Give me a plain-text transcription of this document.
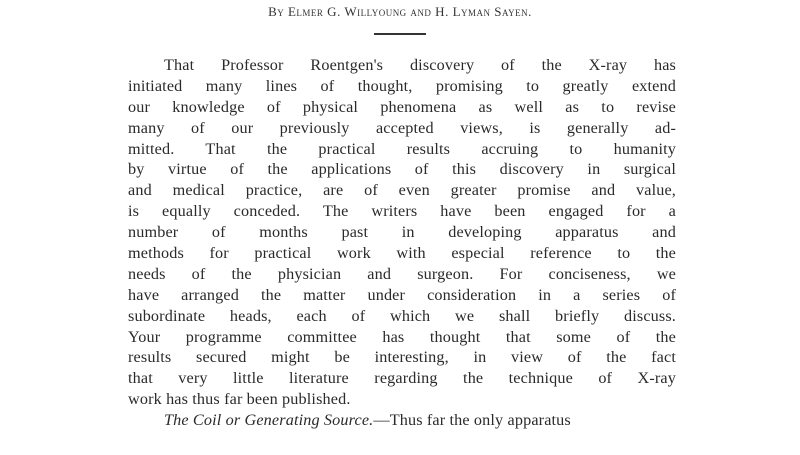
By Elmer G. Willyoung and H. Lyman Sayen.
That Professor Roentgen's discovery of the X-ray has
initiated many lines of thought, promising to greatly extend
our knowledge of physical phenomena as well as to revise
many of our previously accepted views, is generally ad-
mitted. That the practical results accruing to humanity
by virtue of the applications of this discovery in surgical
and medical practice, are of even greater promise and value,
is equally conceded. The writers have been engaged for a
number of months past in developing apparatus and
methods for practical work with especial reference to the
needs of the physician and surgeon. For conciseness, we
have arranged the matter under consideration in a series of
subordinate heads, each of which we shall briefly discuss.
Your programme committee has thought that some of the
results secured might be interesting, in view of the fact
that very little literature regarding the technique of X-ray
work has thus far been published.
The Coil or Generating Source.—Thus far the only apparatus
